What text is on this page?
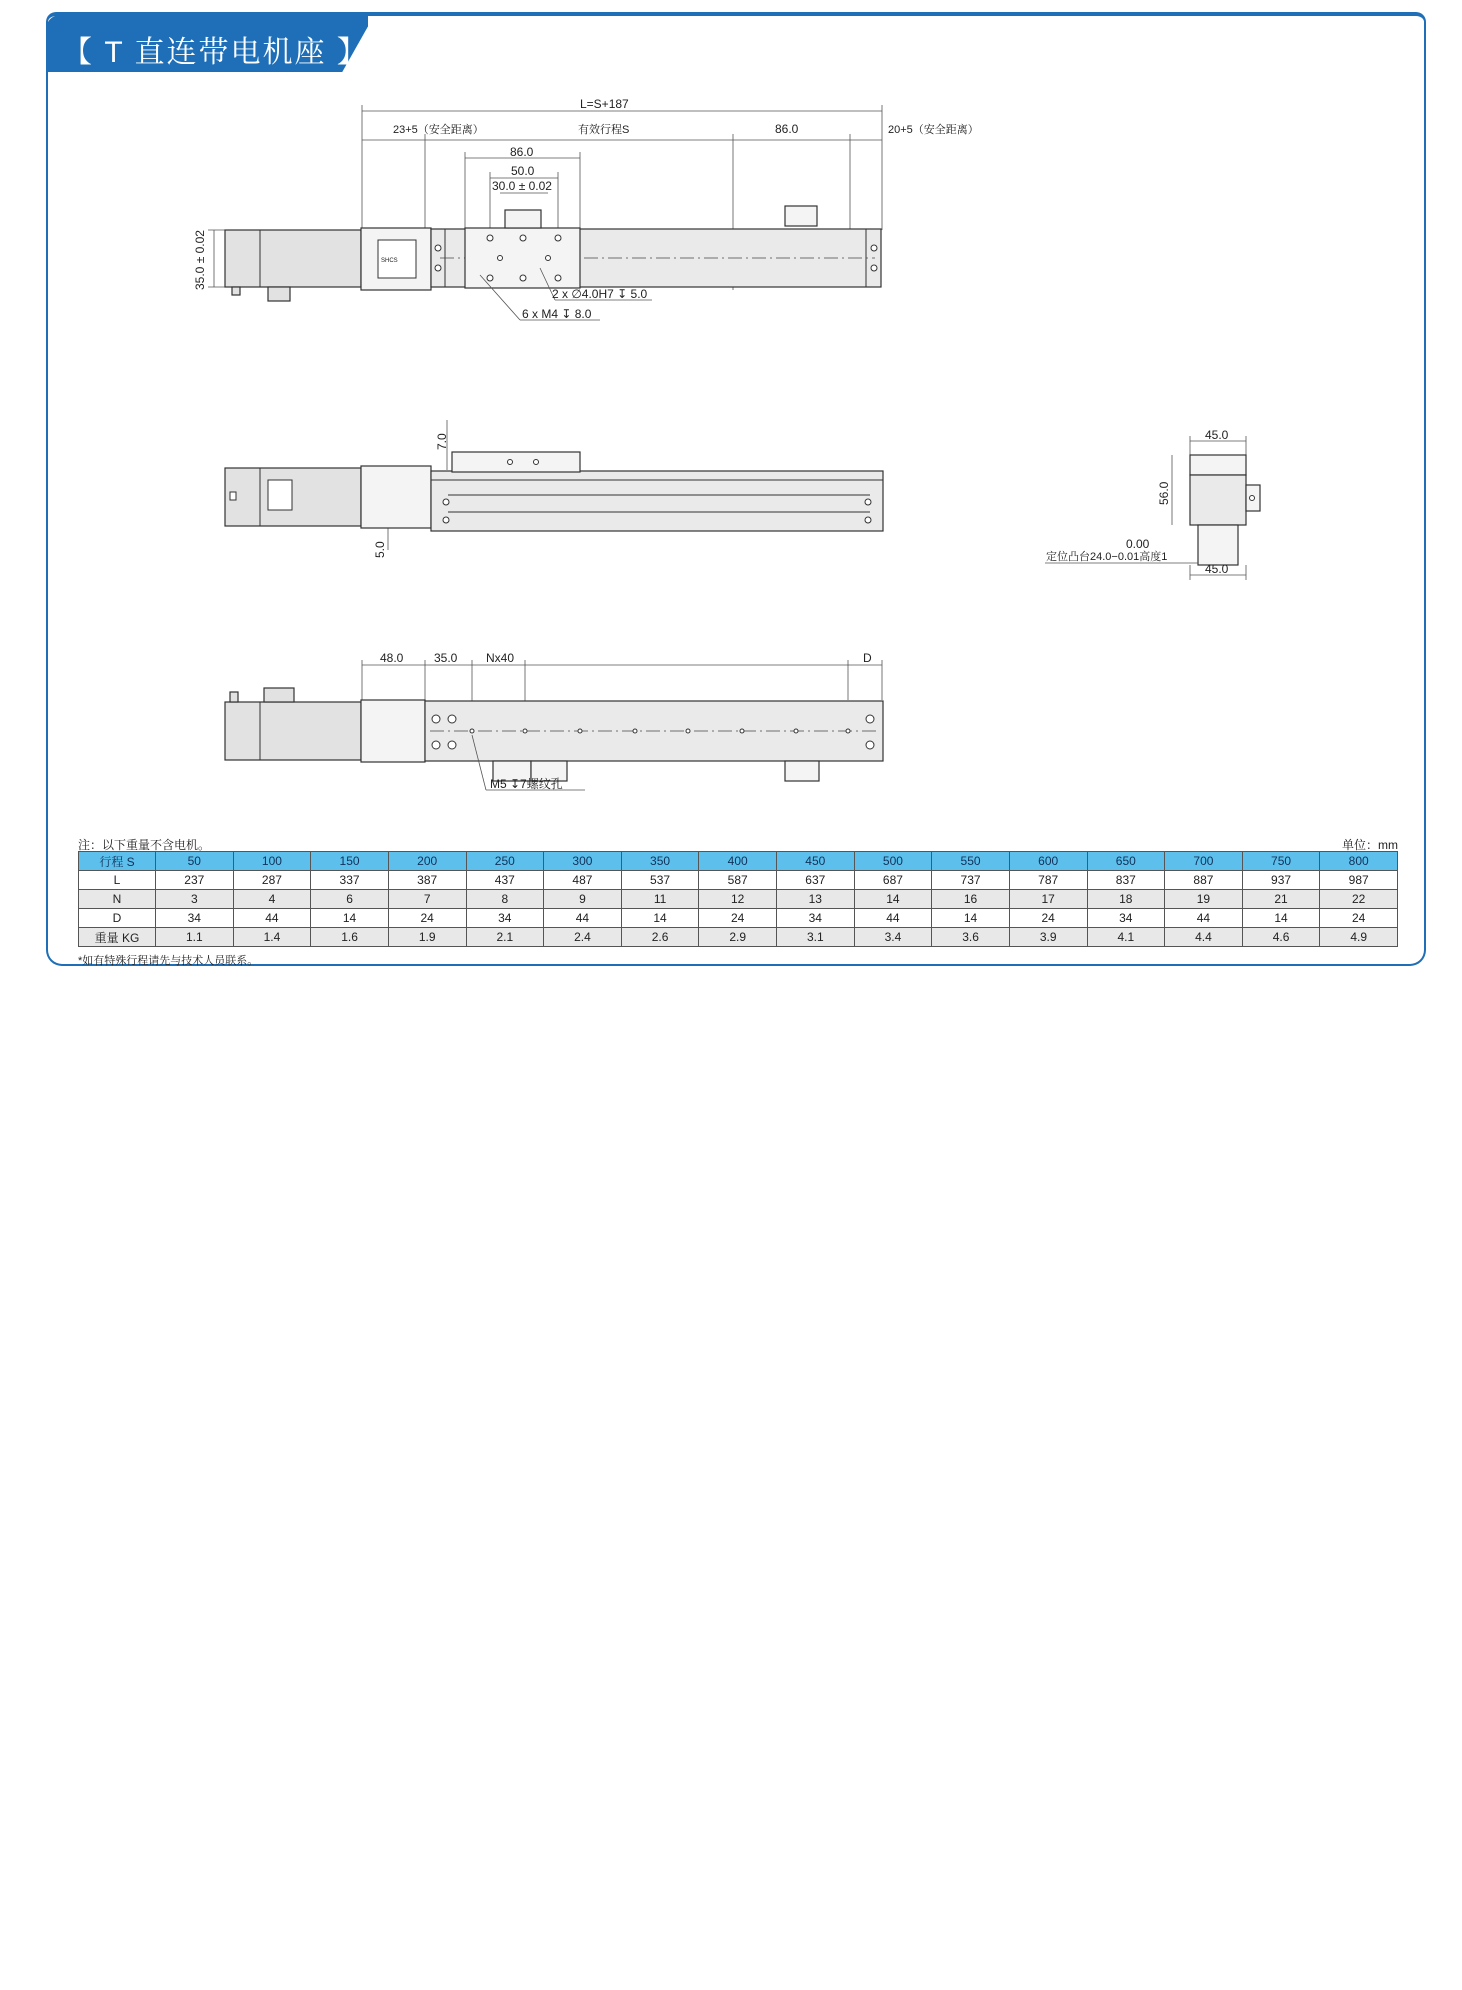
【 T 直连带电机座 】
L=S+187
23+5（安全距离）	有效行程S	86.0	20+5（安全距离）
86.0
50.0
30.0 ± 0.02
35.0 ± 0.02	SHCS
2 x ∅4.0H7 ↧ 5.0
6 x M4 ↧ 8.0
7.0
5.0
45.0
56.0
0.00
定位凸台24.0−0.01高度1
45.0
48.0	35.0 Nx40	D
M5 ↧7螺纹孔
注：以下重量不含电机。	单位：mm
行程 S	50	100	150	200	250	300	350	400	450	500	550	600	650	700	750	800
L	237	287	337	387	437	487	537	587	637	687	737	787	837	887	937	987
N	3	4	6	7	8	9	11	12	13	14	16	17	18	19	21	22
D	34	44	14	24	34	44	14	24	34	44	14	24	34	44	14	24
重量 KG	1.1	1.4	1.6	1.9	2.1	2.4	2.6	2.9	3.1	3.4	3.6	3.9	4.1	4.4	4.6	4.9
*如有特殊行程请先与技术人员联系。
